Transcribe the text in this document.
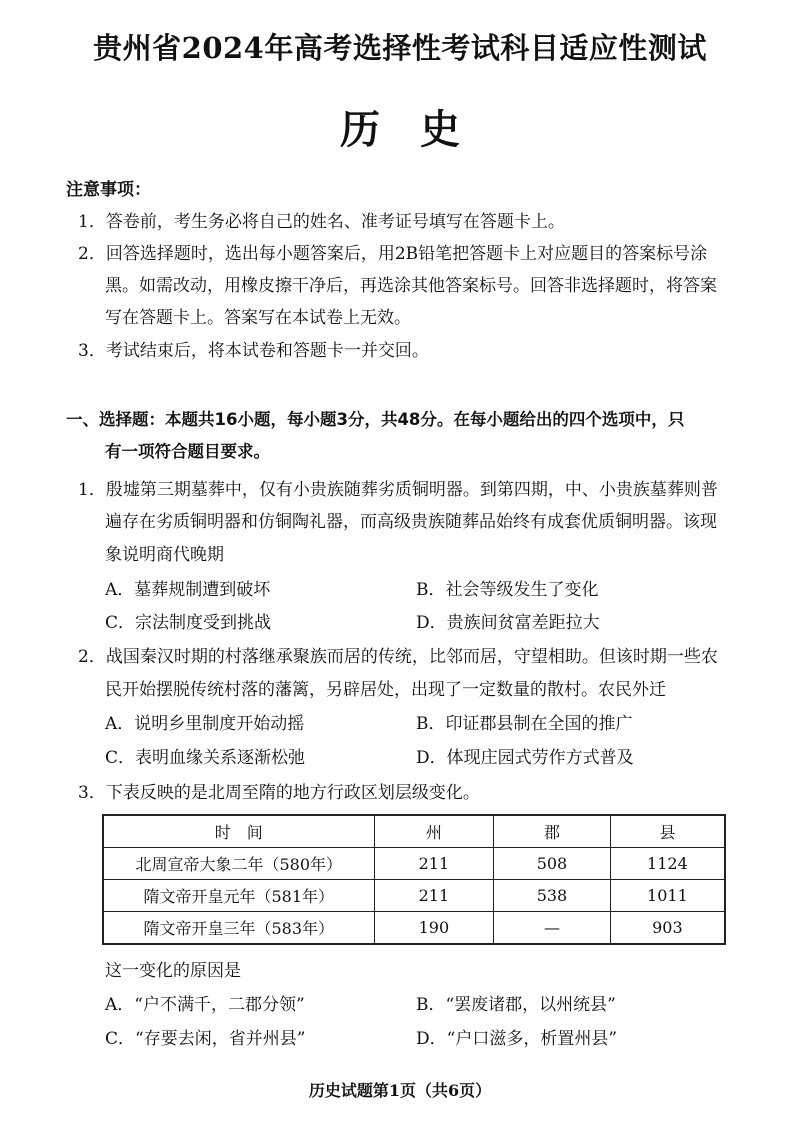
贵州省2024年高考选择性考试科目适应性测试
历史
注意事项：
1．答卷前，考生务必将自己的姓名、准考证号填写在答题卡上。
2．回答选择题时，选出每小题答案后，用2B铅笔把答题卡上对应题目的答案标号涂
黑。如需改动，用橡皮擦干净后，再选涂其他答案标号。回答非选择题时，将答案
写在答题卡上。答案写在本试卷上无效。
3．考试结束后，将本试卷和答题卡一并交回。
一、选择题：本题共16小题，每小题3分，共48分。在每小题给出的四个选项中，只
有一项符合题目要求。
1．殷墟第三期墓葬中，仅有小贵族随葬劣质铜明器。到第四期，中、小贵族墓葬则普
遍存在劣质铜明器和仿铜陶礼器，而高级贵族随葬品始终有成套优质铜明器。该现
象说明商代晚期
A．墓葬规制遭到破坏	B．社会等级发生了变化
C．宗法制度受到挑战	D．贵族间贫富差距拉大
2．战国秦汉时期的村落继承聚族而居的传统，比邻而居，守望相助。但该时期一些农
民开始摆脱传统村落的藩篱，另辟居处，出现了一定数量的散村。农民外迁
A．说明乡里制度开始动摇	B．印证郡县制在全国的推广
C．表明血缘关系逐渐松弛	D．体现庄园式劳作方式普及
3．下表反映的是北周至隋的地方行政区划层级变化。
时　间	州	郡	县
北周宣帝大象二年（580年）	211	508	1124
隋文帝开皇元年（581年）	211	538	1011
隋文帝开皇三年（583年）	190	—	903
这一变化的原因是
A．“户不满千，二郡分领”	B．“罢废诸郡，以州统县”
C．“存要去闲，省并州县”	D．“户口滋多，析置州县”
历史试题第1页（共6页）
